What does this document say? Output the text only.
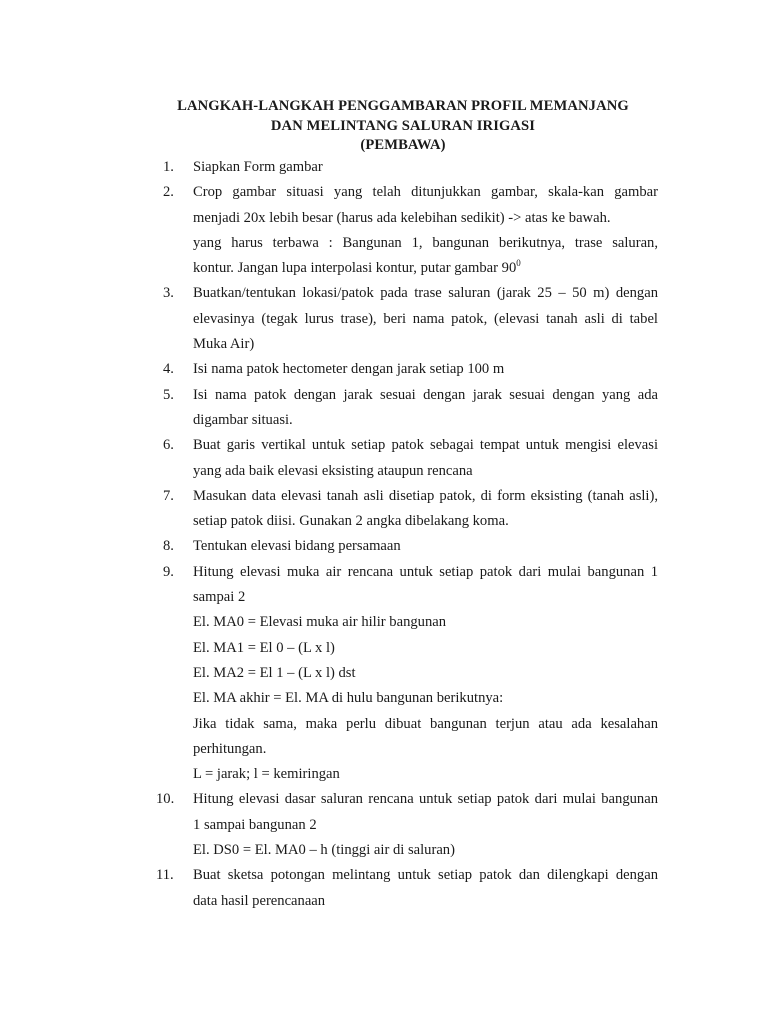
LANGKAH-LANGKAH PENGGAMBARAN PROFIL MEMANJANG
DAN MELINTANG SALURAN IRIGASI
(PEMBAWA)
1.	Siapkan Form gambar
2.	Crop gambar situasi yang telah ditunjukkan gambar, skala-kan gambar
menjadi 20x lebih besar (harus ada kelebihan sedikit) -> atas ke bawah.
yang harus terbawa : Bangunan 1, bangunan berikutnya, trase saluran,
kontur. Jangan lupa interpolasi kontur, putar gambar $90^0$
3.	Buatkan/tentukan lokasi/patok pada trase saluran (jarak 25 – 50 m) dengan
elevasinya (tegak lurus trase), beri nama patok, (elevasi tanah asli di tabel
Muka Air)
4.	Isi nama patok hectometer dengan jarak setiap 100 m
5.	Isi nama patok dengan jarak sesuai dengan jarak sesuai dengan yang ada
digambar situasi.
6.	Buat garis vertikal untuk setiap patok sebagai tempat untuk mengisi elevasi
yang ada baik elevasi eksisting ataupun rencana
7.	Masukan data elevasi tanah asli disetiap patok, di form eksisting (tanah asli),
setiap patok diisi. Gunakan 2 angka dibelakang koma.
8.	Tentukan elevasi bidang persamaan
9.	Hitung elevasi muka air rencana untuk setiap patok dari mulai bangunan 1
sampai 2
El. MA0 = Elevasi muka air hilir bangunan
El. MA1 = El 0 – (L x l)
El. MA2 = El 1 – (L x l) dst
El. MA akhir = El. MA di hulu bangunan berikutnya:
Jika tidak sama, maka perlu dibuat bangunan terjun atau ada kesalahan
perhitungan.
L = jarak; l = kemiringan
10.	Hitung elevasi dasar saluran rencana untuk setiap patok dari mulai bangunan
1 sampai bangunan 2
El. DS0 = El. MA0 – h (tinggi air di saluran)
11.	Buat sketsa potongan melintang untuk setiap patok dan dilengkapi dengan
data hasil perencanaan
